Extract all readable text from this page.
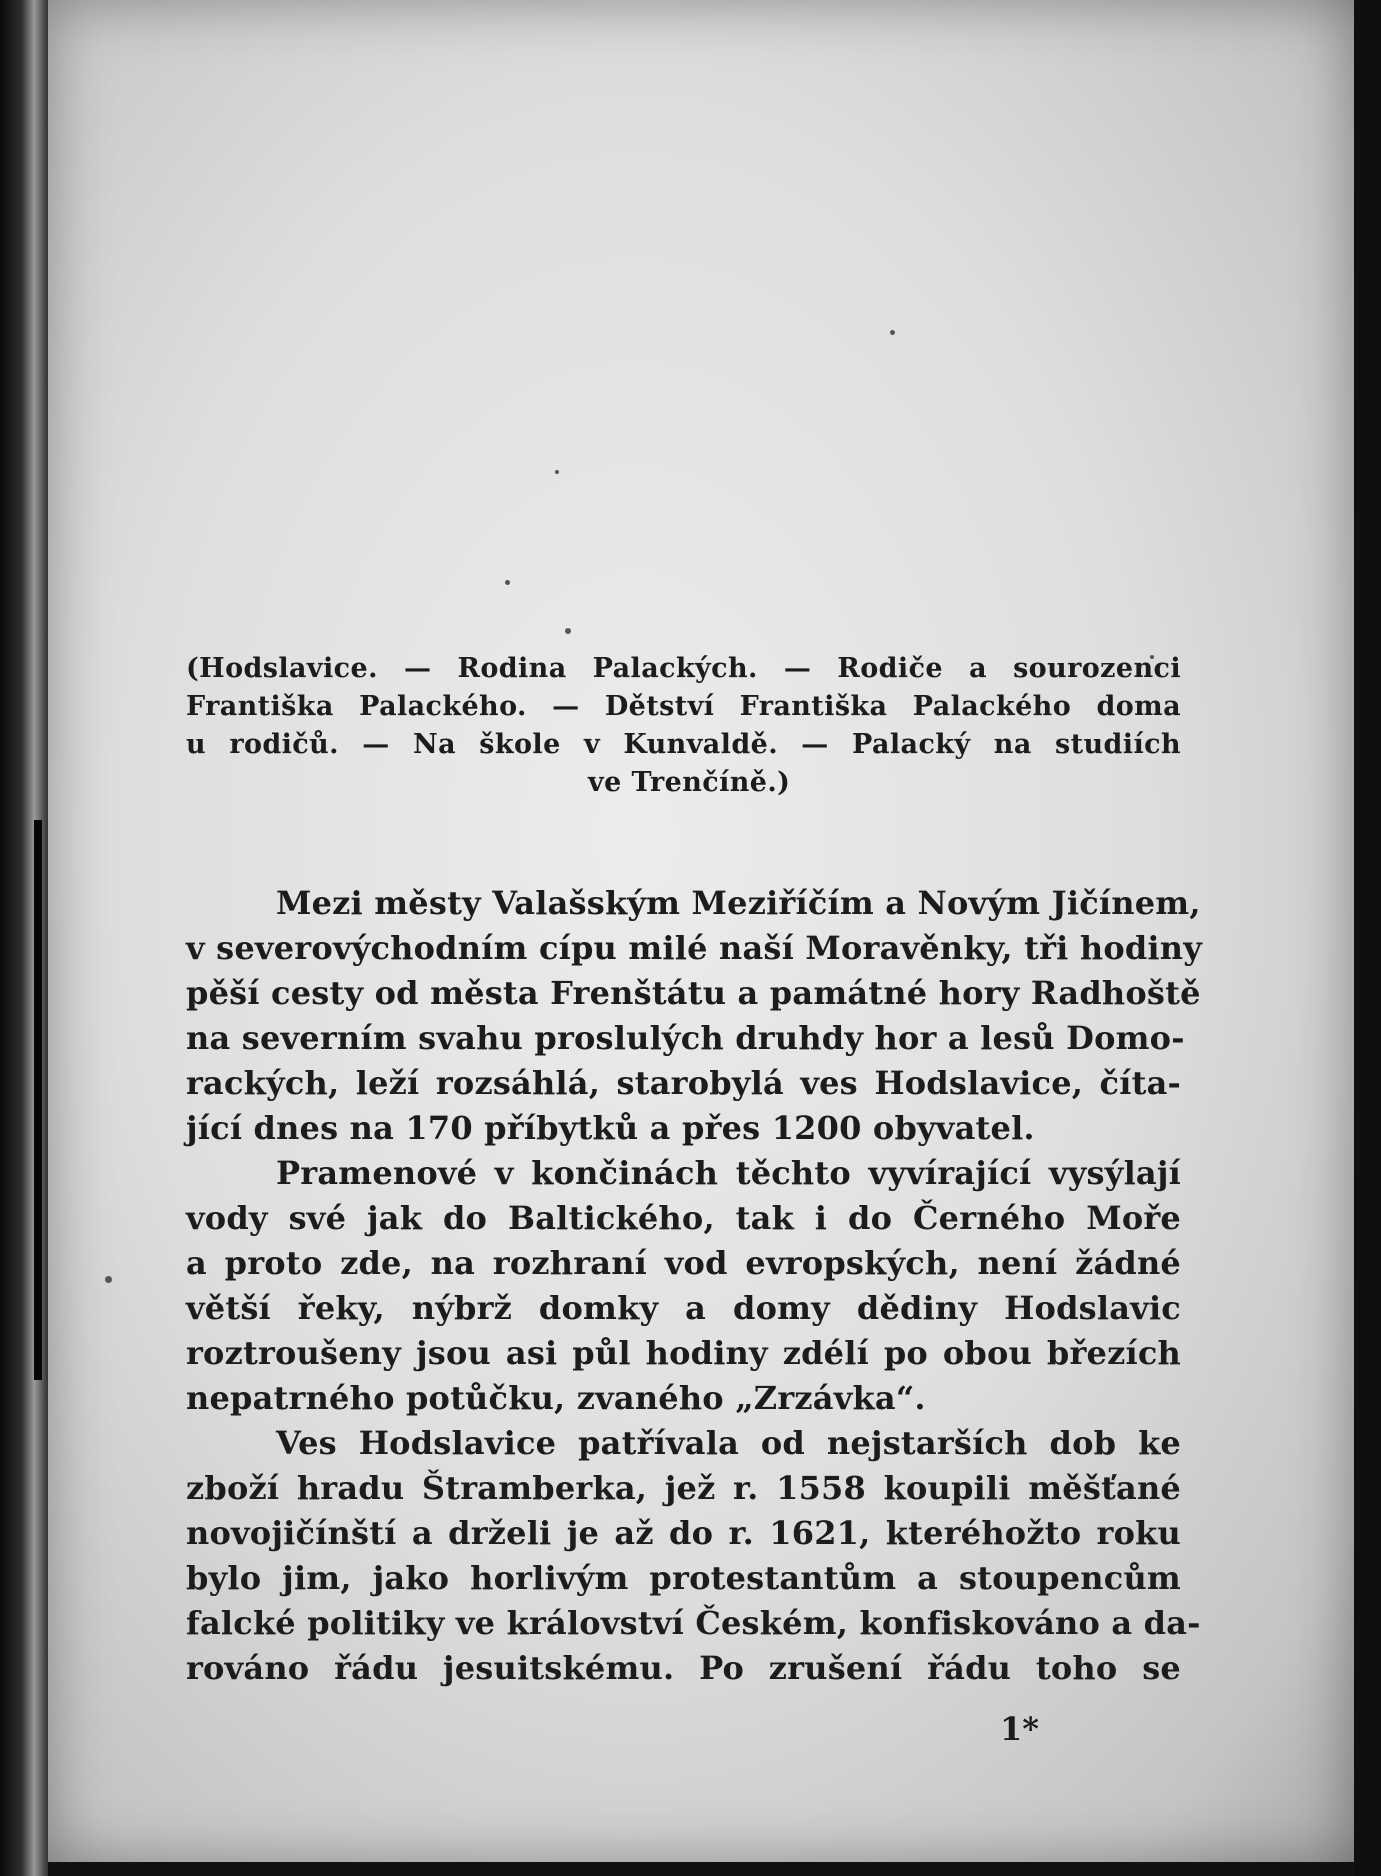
(Hodslavice. — Rodina Palackých. — Rodiče a sourozenci
Františka Palackého. — Dětství Františka Palackého doma
u rodičů. — Na škole v Kunvaldě. — Palacký na studiích
ve Trenčíně.)
Mezi městy Valašským Meziříčím a Novým Jičínem,
v severovýchodním cípu milé naší Moravěnky, tři hodiny
pěší cesty od města Frenštátu a památné hory Radhoště
na severním svahu proslulých druhdy hor a lesů Domo-
rackých, leží rozsáhlá, starobylá ves Hodslavice, číta-
jící dnes na 170 příbytků a přes 1200 obyvatel.
Pramenové v končinách těchto vyvírající vysýlají
vody své jak do Baltického, tak i do Černého Moře
a proto zde, na rozhraní vod evropských, není žádné
větší řeky, nýbrž domky a domy dědiny Hodslavic
roztroušeny jsou asi půl hodiny zdélí po obou březích
nepatrného potůčku, zvaného „Zrzávka“.
Ves Hodslavice patřívala od nejstarších dob ke
zboží hradu Štramberka, jež r. 1558 koupili měšťané
novojičínští a drželi je až do r. 1621, kteréhožto roku
bylo jim, jako horlivým protestantům a stoupencům
falcké politiky ve království Českém, konfiskováno a da-
rováno řádu jesuitskému. Po zrušení řádu toho se
1*
